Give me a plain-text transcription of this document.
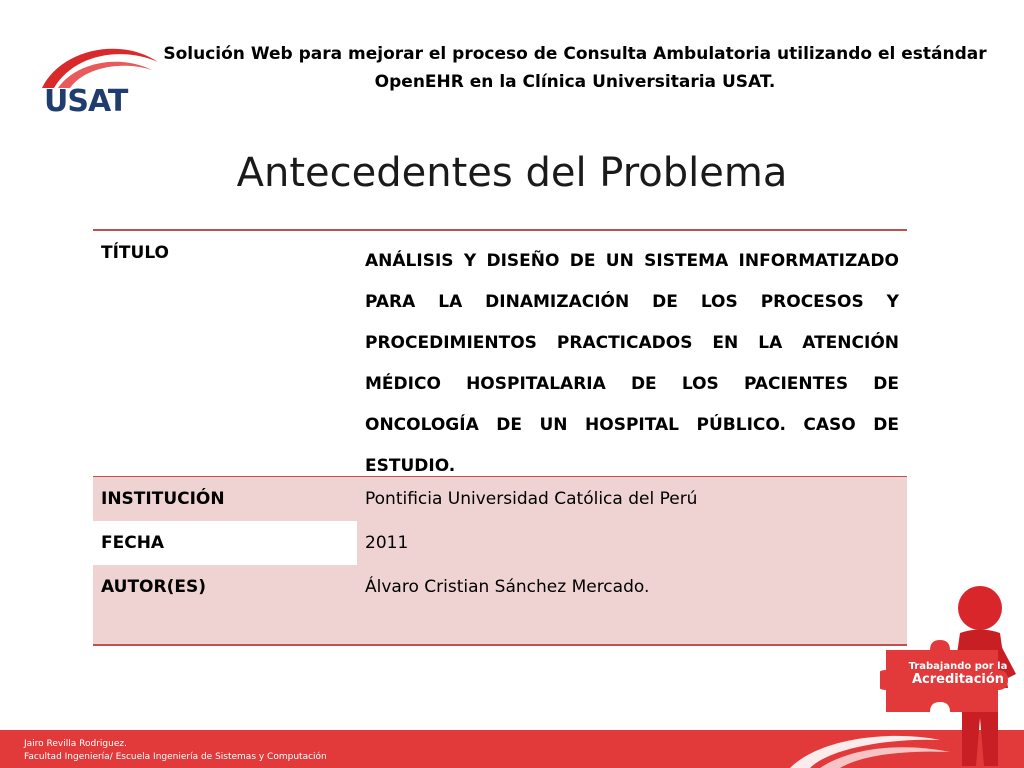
USAT
Solución Web para mejorar el proceso de Consulta Ambulatoria utilizando el estándar
OpenEHR en la Clínica Universitaria USAT.
Antecedentes del Problema
TÍTULO	ANÁLISIS Y DISEÑO DE UN SISTEMA INFORMATIZADO PARA LA DINAMIZACIÓN DE LOS PROCESOS Y PROCEDIMIENTOS PRACTICADOS EN LA ATENCIÓN MÉDICO HOSPITALARIA DE LOS PACIENTES DE ONCOLOGÍA DE UN HOSPITAL PÚBLICO. CASO DE ESTUDIO.
INSTITUCIÓN	Pontificia Universidad Católica del Perú
FECHA	2011
AUTOR(ES)	Álvaro Cristian Sánchez Mercado.
Jairo Revilla Rodriguez.
Facultad Ingeniería/ Escuela Ingeniería de Sistemas y Computación
Trabajando por la
Acreditación
